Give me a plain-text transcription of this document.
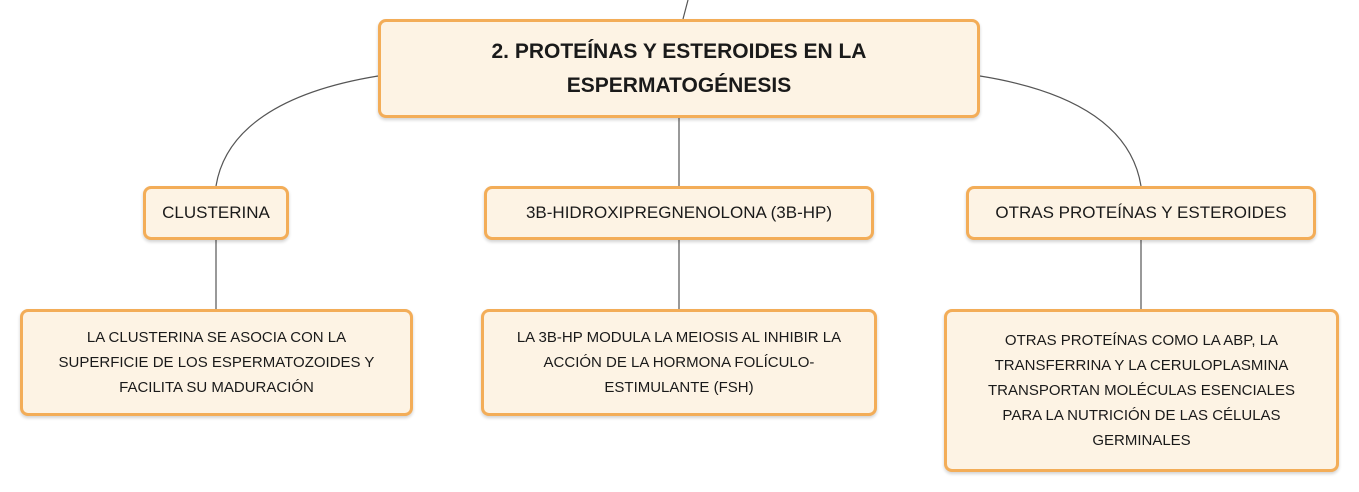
2. PROTEÍNAS Y ESTEROIDES EN LA
ESPERMATOGÉNESIS
CLUSTERINA	3Β-HIDROXIPREGNENOLONA (3Β-HP)	OTRAS PROTEÍNAS Y ESTEROIDES
LA CLUSTERINA SE ASOCIA CON LA
SUPERFICIE DE LOS ESPERMATOZOIDES Y
FACILITA SU MADURACIÓN
LA 3Β-HP MODULA LA MEIOSIS AL INHIBIR LA
ACCIÓN DE LA HORMONA FOLÍCULO-
ESTIMULANTE (FSH)
OTRAS PROTEÍNAS COMO LA ABP, LA
TRANSFERRINA Y LA CERULOPLASMINA
TRANSPORTAN MOLÉCULAS ESENCIALES
PARA LA NUTRICIÓN DE LAS CÉLULAS
GERMINALES
